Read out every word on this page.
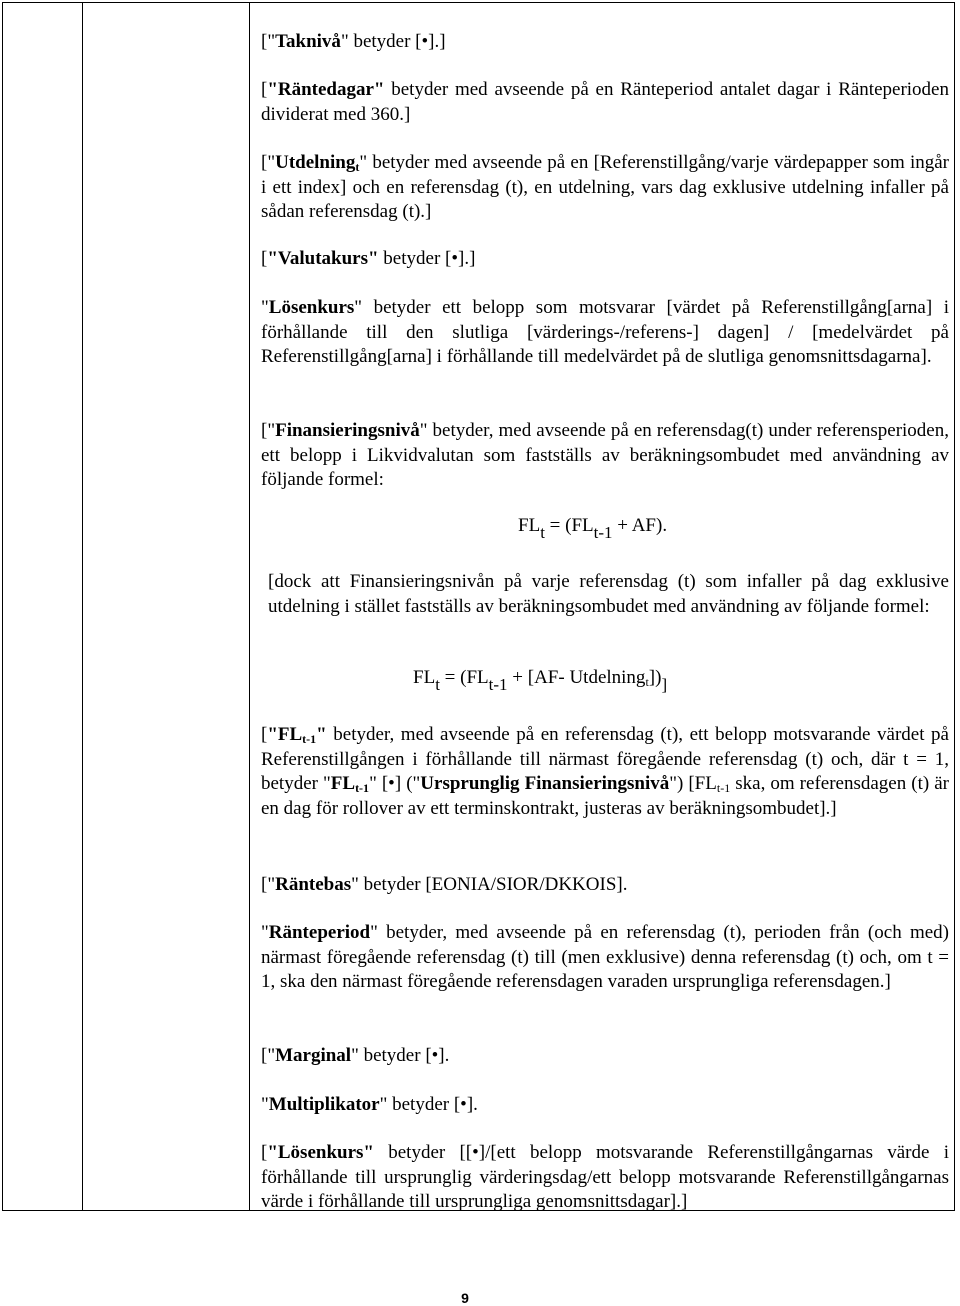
["Taknivå" betyder [•].]

["Räntedagar" betyder med avseende på en Ränteperiod antalet dagar i Ränteperioden dividerat med 360.]

["Utdelning$_t$" betyder med avseende på en [Referenstillgång/varje värdepapper som ingår i ett index] och en referensdag (t), en utdelning, vars dag exklusive utdelning infaller på sådan referensdag (t).]

["Valutakurs" betyder [•].]

"Lösenkurs" betyder ett belopp som motsvarar [värdet på Referenstillgång[arna] i förhållande till den slutliga [värderings-/referens-] dagen] / [medelvärdet på Referenstillgång[arna] i förhållande till medelvärdet på de slutliga genomsnittsdagarna].

["Finansieringsnivå" betyder, med avseende på en referensdag(t) under referensperioden, ett belopp i Likvidvalutan som fastställs av beräkningsombudet med användning av följande formel:

$FL_t = (FL_{t-1} + AF)$.

[dock att Finansieringsnivån på varje referensdag (t) som infaller på dag exklusive utdelning i stället fastställs av beräkningsombudet med användning av följande formel:

$FL_t = (FL_{t-1} + [AF-$ $Utdelning_t])_]$

["$FL_{t-1}$" betyder, med avseende på en referensdag (t), ett belopp motsvarande värdet på Referenstillgången i förhållande till närmast föregående referensdag (t) och, där t = 1, betyder "$FL_{t-1}$" [•] ("Ursprunglig Finansieringsnivå") [$FL_{t-1}$ ska, om referensdagen (t) är en dag för rollover av ett terminskontrakt, justeras av beräkningsombudet].]

["Räntebas" betyder [EONIA/SIOR/DKKOIS].

"Ränteperiod" betyder, med avseende på en referensdag (t), perioden från (och med) närmast föregående referensdag (t) till (men exklusive) denna referensdag (t) och, om t = 1, ska den närmast föregående referensdagen varaden ursprungliga referensdagen.]

["Marginal" betyder [•].

"Multiplikator" betyder [•].

["Lösenkurs" betyder [[•]/[ett belopp motsvarande Referenstillgångarnas värde i förhållande till ursprunglig värderingsdag/ett belopp motsvarande Referenstillgångarnas värde i förhållande till ursprungliga genomsnittsdagar].]

9
